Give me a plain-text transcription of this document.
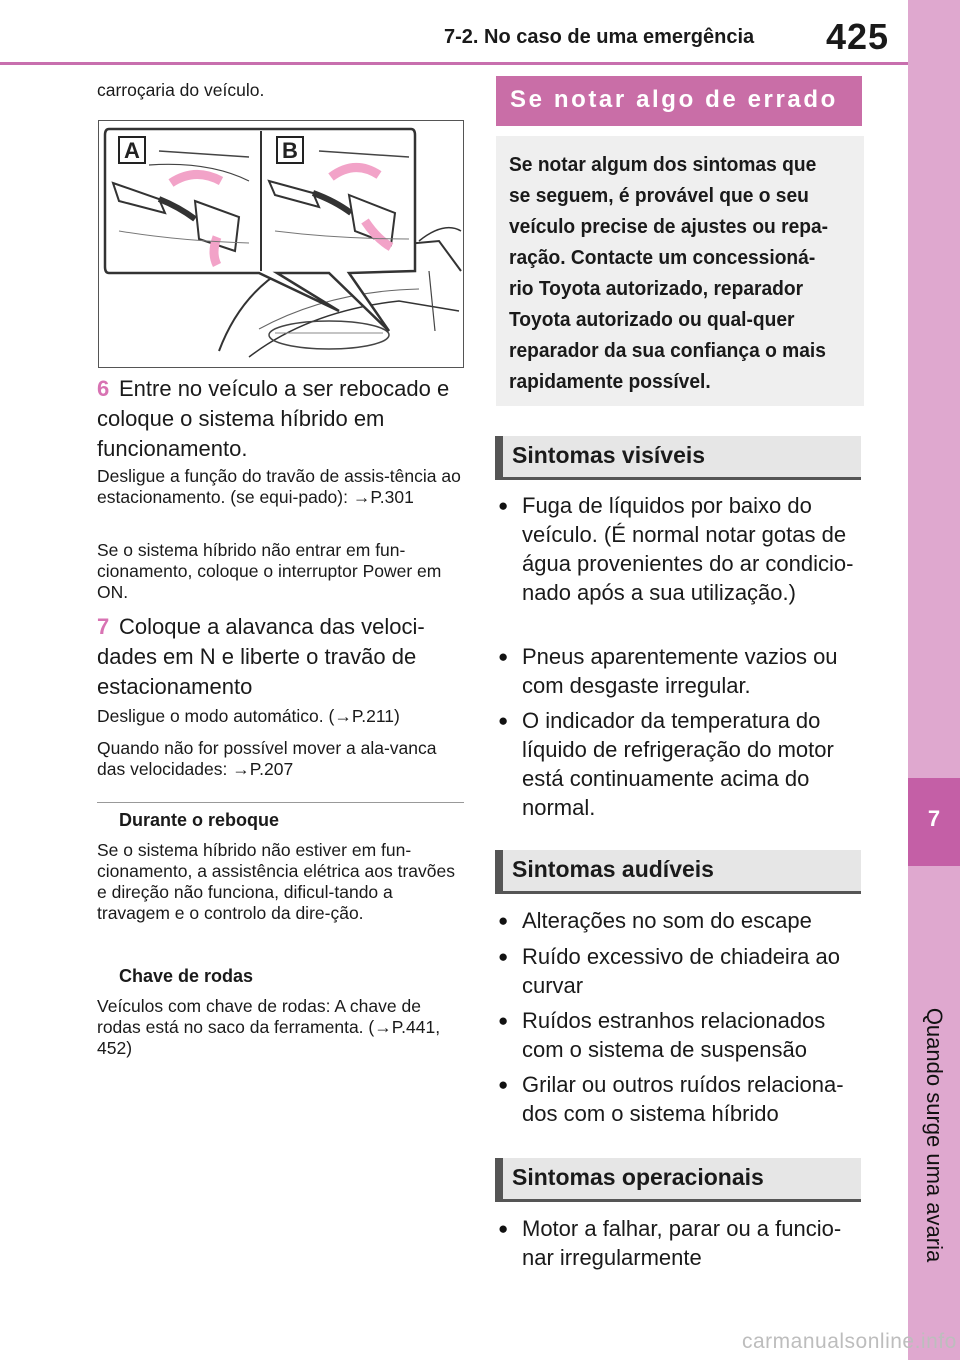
7-2. No caso de uma emergência 425
7
Quando surge uma avaria
carroçaria do veículo.
A	B
6 Entre no veículo a ser rebocado e coloque o sistema híbrido em funcionamento.
Desligue a função do travão de assis-tência ao estacionamento. (se equi-pado): →P.301
Se o sistema híbrido não entrar em fun-cionamento, coloque o interruptor Power em ON.
7 Coloque a alavanca das veloci-dades em N e liberte o travão de estacionamento
Desligue o modo automático. (→P.211)
Quando não for possível mover a ala-vanca das velocidades: →P.207
Durante o reboque
Se o sistema híbrido não estiver em fun-cionamento, a assistência elétrica aos travões e direção não funciona, dificul-tando a travagem e o controlo da dire-ção.
Chave de rodas
Veículos com chave de rodas: A chave de rodas está no saco da ferramenta. (→P.441, 452)
Se notar algo de errado
Se notar algum dos sintomas que se seguem, é provável que o seu veículo precise de ajustes ou repa-ração. Contacte um concessioná-rio Toyota autorizado, reparador Toyota autorizado ou qual-quer reparador da sua confiança o mais rapidamente possível.
Sintomas visíveis
● Fuga de líquidos por baixo do veículo. (É normal notar gotas de água provenientes do ar condicio-nado após a sua utilização.)
● Pneus aparentemente vazios ou com desgaste irregular.
● O indicador da temperatura do líquido de refrigeração do motor está continuamente acima do normal.
Sintomas audíveis
● Alterações no som do escape
● Ruído excessivo de chiadeira ao curvar
● Ruídos estranhos relacionados com o sistema de suspensão
● Grilar ou outros ruídos relaciona-dos com o sistema híbrido
Sintomas operacionais
● Motor a falhar, parar ou a funcio-nar irregularmente
carmanualsonline.info
